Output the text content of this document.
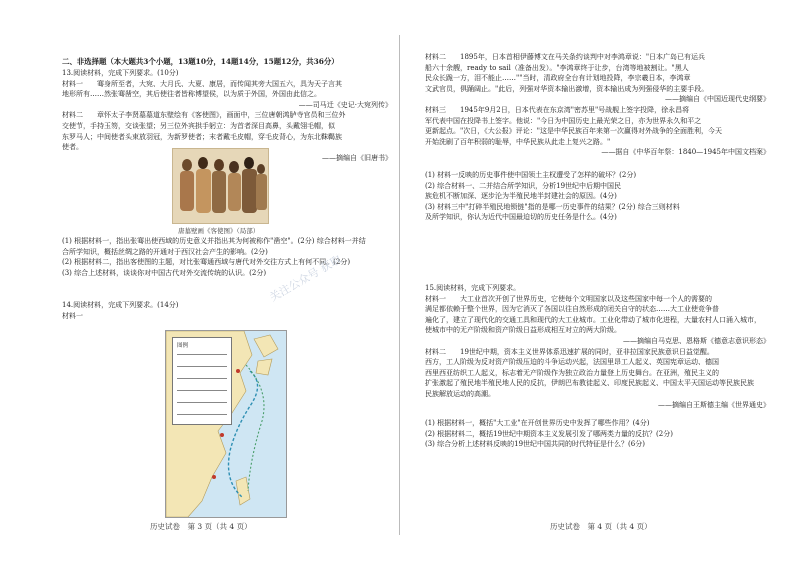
二、非选择题（本大题共3个小题，13题10分，14题14分，15题12分，共36分）
13.阅读材料，完成下列要求。(10分)
材料一　　骞身所至者，大宛、大月氏、大夏、康居，而传闻其旁大国五六，具为天子言其
地形所有……然张骞凿空，其后使往者皆称博望侯，以为质于外国，外国由此信之。
——司马迁《史记·大宛列传》
材料二　　章怀太子李贤墓墓道东壁绘有《客使图》，画面中，三位唐朝鸿胪寺官员和三位外
交使节，手持玉笏，交谈张望；另三位外宾拱手躬立：为首者深目高鼻，头戴翎毛帽，似
东罗马人；中间使者头束放羽冠，为新罗使者；末者戴毛皮帽，穿毛皮背心，为东北靺鞨族
使者。
——摘编自《旧唐书》
唐墓壁画《客使图》（局部）
(1) 根据材料一，指出张骞出使西域的历史意义并指出其为何被称作"凿空"。(2分) 综合材料一并结
合所学知识，概括丝绸之路的开通对于西汉社会产生的影响。(2分)
(2) 根据材料二，指出客使图的主题，对比张骞通西域与唐代对外交往方式上有何不同。(2分)
(3) 综合上述材料，谈谈你对中国古代对外交流传统的认识。(2分)
14.阅读材料，完成下列要求。(14分)
材料一
图例
历史试卷　第 3 页（共 4 页）
材料二　　1895年，日本首相伊藤博文在马关条约谈判中对李鸿章说："日本广岛已有运兵
船六十余艘，ready to sail（准备出发）。"李鸿章终于让步，台湾等地被割让。"黑人
民众长跪一方，泪不能止……""当时，清政府全台有计划地投降，李宗羲日本，李鸿章
文武官员，俱踊阔止。"此后，列强对华资本输出激增，资本输出成为列强侵华的主要手段。
——摘编自《中国近现代史纲要》
材料三　　1945年9月2日，日本代表在东京湾"密苏里"号战舰上签字投降，徐永昌将
军代表中国在投降书上签字。他说："今日为中国历史上最光荣之日，亦为世界永久和平之
更新起点。"次日，《大公报》评论："这是中华民族百年来第一次赢得对外战争的全面胜利，今天
开始洗刷了百年积弱的耻辱，中华民族从此走上复兴之路。"
——据自《中华百年祭：1840—1945年中国文档案》
(1) 材料一反映的历史事件使中国领土主权遭受了怎样的破坏？(2分)
(2) 综合材料一、二并结合所学知识，分析19世纪中后期中国民
族危机不断加深、逐步沦为半殖民地半封建社会的原因。(4分)
(3) 材料三中"打碎半殖民地锁链"指的是哪一历史事件的结果？(2分) 综合三则材料
及所学知识，你认为近代中国最迫切的历史任务是什么。(4分)
15.阅读材料，完成下列要求。
材料一　　大工业首次开创了世界历史，它使每个文明国家以及这些国家中每一个人的需要的
满足都依赖于整个世界，因为它消灭了各国以往自然形成的闭关自守的状态……大工业使竞争普
遍化了，建立了现代化的交通工具和现代的大工业城市。工业化带动了城市化进程，大量农村人口涌入城市，
使城市中的无产阶级和资产阶级日益形成相互对立的两大阶级。
——摘编自马克思、恩格斯《德意志意识形态》
材料二　　19世纪中期，资本主义世界体系迅速扩展的同时，亚非拉国家民族意识日益觉醒。
西方，工人阶级为反对资产阶级压迫的斗争运动兴起，法国里昂工人起义、英国宪章运动、德国
西里西亚纺织工人起义，标志着无产阶级作为独立政治力量登上历史舞台。在亚洲，殖民主义的
扩张激起了殖民地半殖民地人民的反抗，伊朗巴布教徒起义、印度民族起义、中国太平天国运动等民族民族
民族解放运动的高潮。
——摘编自王斯德主编《世界通史》
(1) 根据材料一，概括"大工业"在开创世界历史中发挥了哪些作用？(4分)
(2) 根据材料二，概括19世纪中期资本主义发展引发了哪两类力量的反抗？(2分)
(3) 综合分析上述材料反映的19世纪中国共同的时代特征是什么？(6分)
历史试卷　第 4 页（共 4 页）
关注公众号 获取
